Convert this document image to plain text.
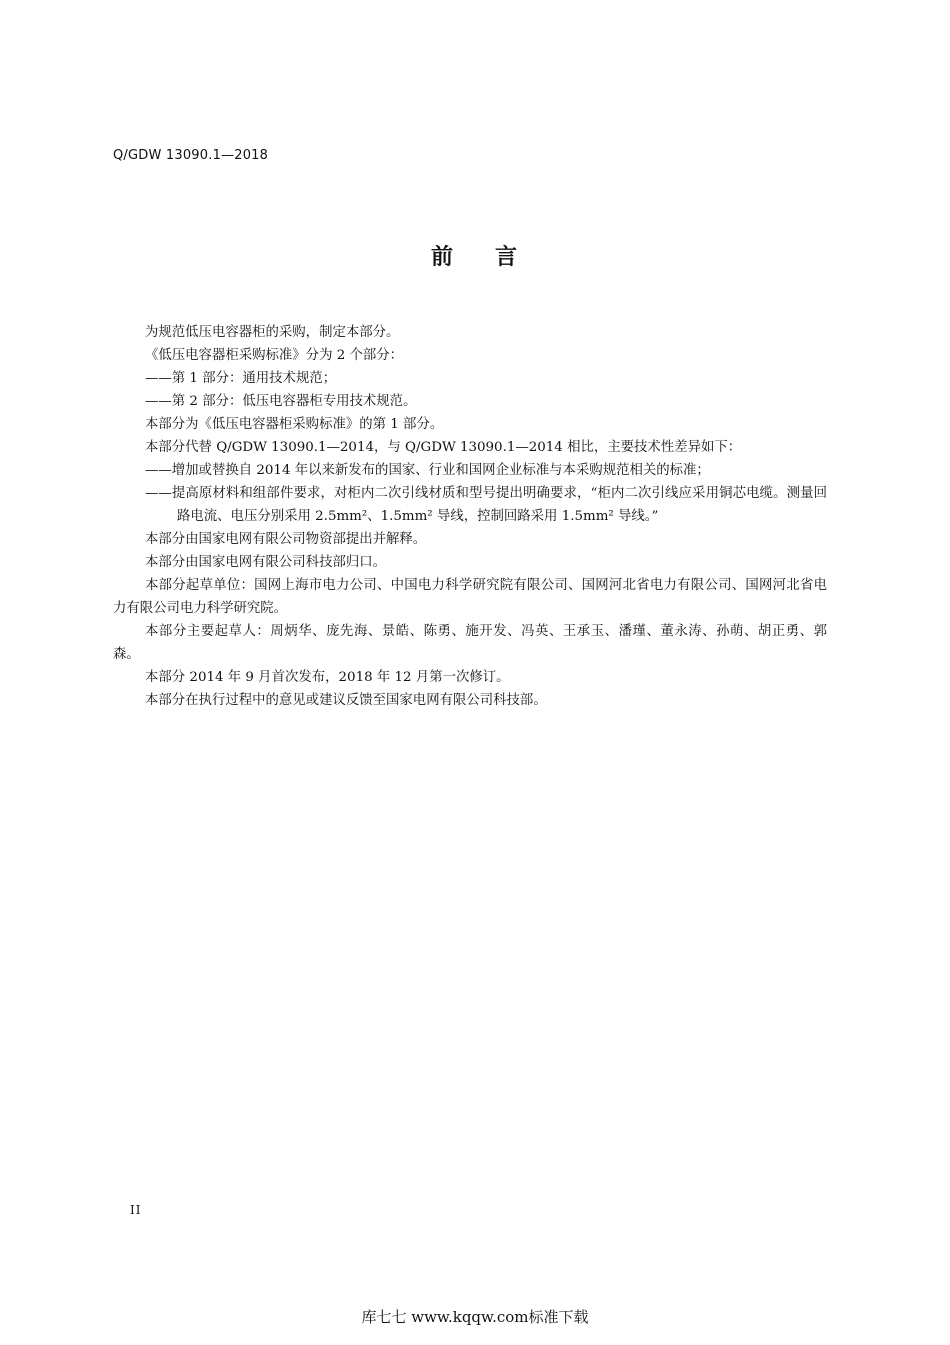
Q/GDW 13090.1—2018
前 言

为规范低压电容器柜的采购，制定本部分。

《低压电容器柜采购标准》分为 2 个部分：

——第 1 部分：通用技术规范；

——第 2 部分：低压电容器柜专用技术规范。

本部分为《低压电容器柜采购标准》的第 1 部分。

本部分代替 Q/GDW 13090.1—2014，与 Q/GDW 13090.1—2014 相比，主要技术性差异如下：

——增加或替换自 2014 年以来新发布的国家、行业和国网企业标准与本采购规范相关的标准；

——提高原材料和组部件要求，对柜内二次引线材质和型号提出明确要求，“柜内二次引线应采用铜芯电缆。测量回路电流、电压分别采用 2.5mm²、1.5mm² 导线，控制回路采用 1.5mm² 导线。”

本部分由国家电网有限公司物资部提出并解释。

本部分由国家电网有限公司科技部归口。

本部分起草单位：国网上海市电力公司、中国电力科学研究院有限公司、国网河北省电力有限公司、国网河北省电力有限公司电力科学研究院。

本部分主要起草人：周炳华、庞先海、景皓、陈勇、施开发、冯英、王承玉、潘瑾、董永涛、孙萌、胡正勇、郭森。

本部分 2014 年 9 月首次发布，2018 年 12 月第一次修订。

本部分在执行过程中的意见或建议反馈至国家电网有限公司科技部。

II
库七七 www.kqqw.com标准下载
